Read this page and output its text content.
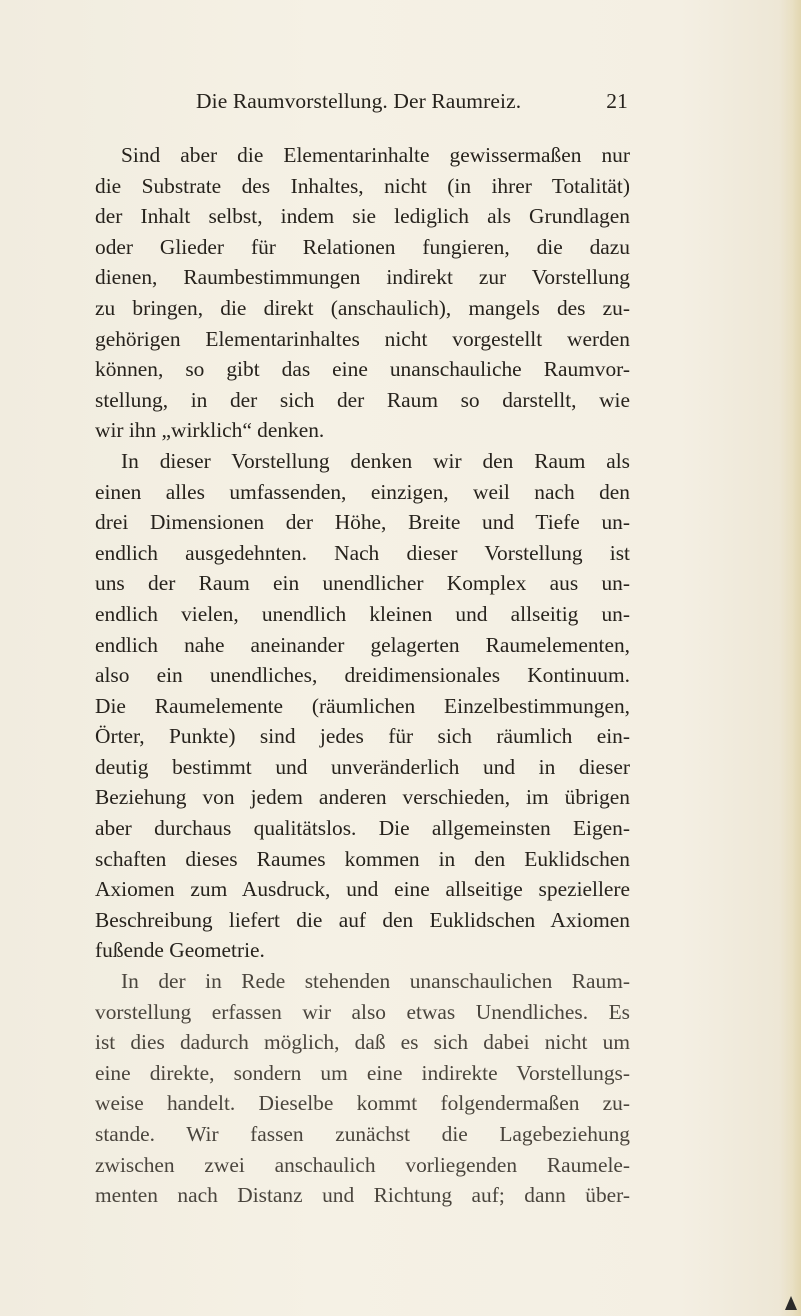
Die Raumvorstellung. Der Raumreiz.	21
Sind aber die Elementarinhalte gewissermaßen nur
die Substrate des Inhaltes, nicht (in ihrer Totalität)
der Inhalt selbst, indem sie lediglich als Grundlagen
oder Glieder für Relationen fungieren, die dazu
dienen, Raumbestimmungen indirekt zur Vorstellung
zu bringen, die direkt (anschaulich), mangels des zu-
gehörigen Elementarinhaltes nicht vorgestellt werden
können, so gibt das eine unanschauliche Raumvor-
stellung, in der sich der Raum so darstellt, wie
wir ihn „wirklich“ denken.
In dieser Vorstellung denken wir den Raum als
einen alles umfassenden, einzigen, weil nach den
drei Dimensionen der Höhe, Breite und Tiefe un-
endlich ausgedehnten. Nach dieser Vorstellung ist
uns der Raum ein unendlicher Komplex aus un-
endlich vielen, unendlich kleinen und allseitig un-
endlich nahe aneinander gelagerten Raumelementen,
also ein unendliches, dreidimensionales Kontinuum.
Die Raumelemente (räumlichen Einzelbestimmungen,
Örter, Punkte) sind jedes für sich räumlich ein-
deutig bestimmt und unveränderlich und in dieser
Beziehung von jedem anderen verschieden, im übrigen
aber durchaus qualitätslos. Die allgemeinsten Eigen-
schaften dieses Raumes kommen in den Euklidschen
Axiomen zum Ausdruck, und eine allseitige speziellere
Beschreibung liefert die auf den Euklidschen Axiomen
fußende Geometrie.
In der in Rede stehenden unanschaulichen Raum-
vorstellung erfassen wir also etwas Unendliches. Es
ist dies dadurch möglich, daß es sich dabei nicht um
eine direkte, sondern um eine indirekte Vorstellungs-
weise handelt. Dieselbe kommt folgendermaßen zu-
stande. Wir fassen zunächst die Lagebeziehung
zwischen zwei anschaulich vorliegenden Raumele-
menten nach Distanz und Richtung auf; dann über-
